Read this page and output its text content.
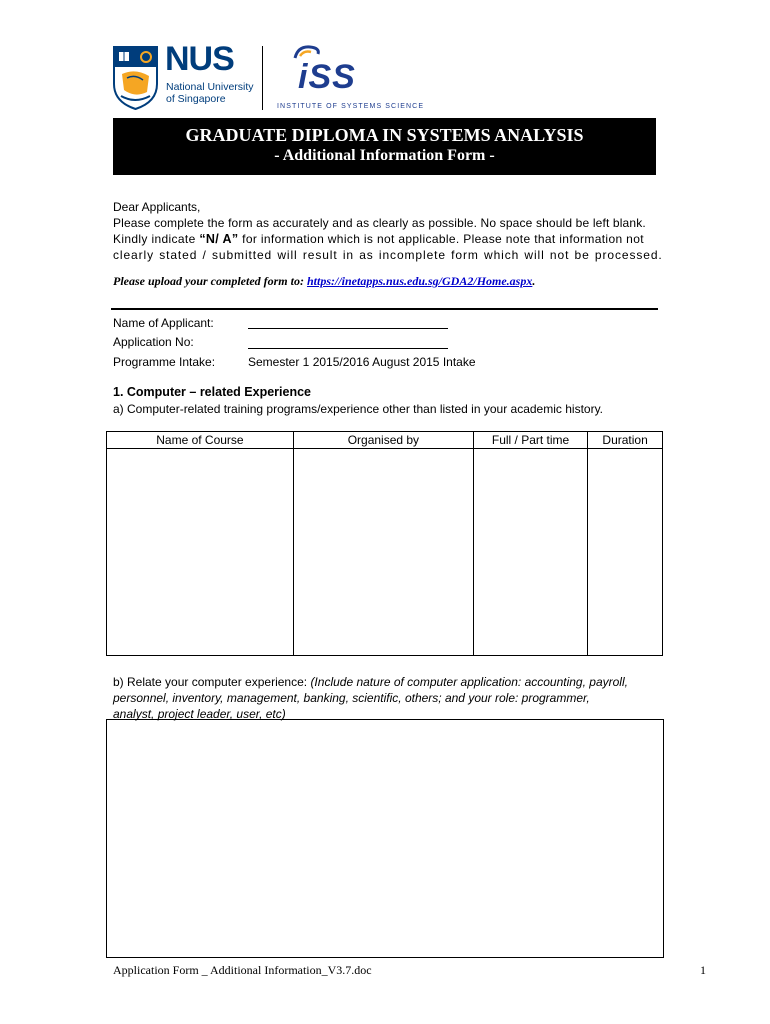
NUS
National University
of Singapore
iSS
INSTITUTE OF SYSTEMS SCIENCE
GRADUATE DIPLOMA IN SYSTEMS ANALYSIS
- Additional Information Form -
Dear Applicants,
Please complete the form as accurately and as clearly as possible. No space should be left blank.
Kindly indicate “N/ A” for information which is not applicable. Please note that information not
clearly stated / submitted will result in as incomplete form which will not be processed.
Please upload your completed form to: https://inetapps.nus.edu.sg/GDA2/Home.aspx.
Name of Applicant:
Application No:
Programme Intake:	Semester 1 2015/2016 August 2015 Intake
1. Computer – related Experience
a) Computer-related training programs/experience other than listed in your academic history.
Name of Course	Organised by	Full / Part time	Duration

b) Relate your computer experience: (Include nature of computer application: accounting, payroll,
personnel, inventory, management, banking, scientific, others; and your role: programmer,
analyst, project leader, user, etc)
Application Form _ Additional Information_V3.7.doc	1
